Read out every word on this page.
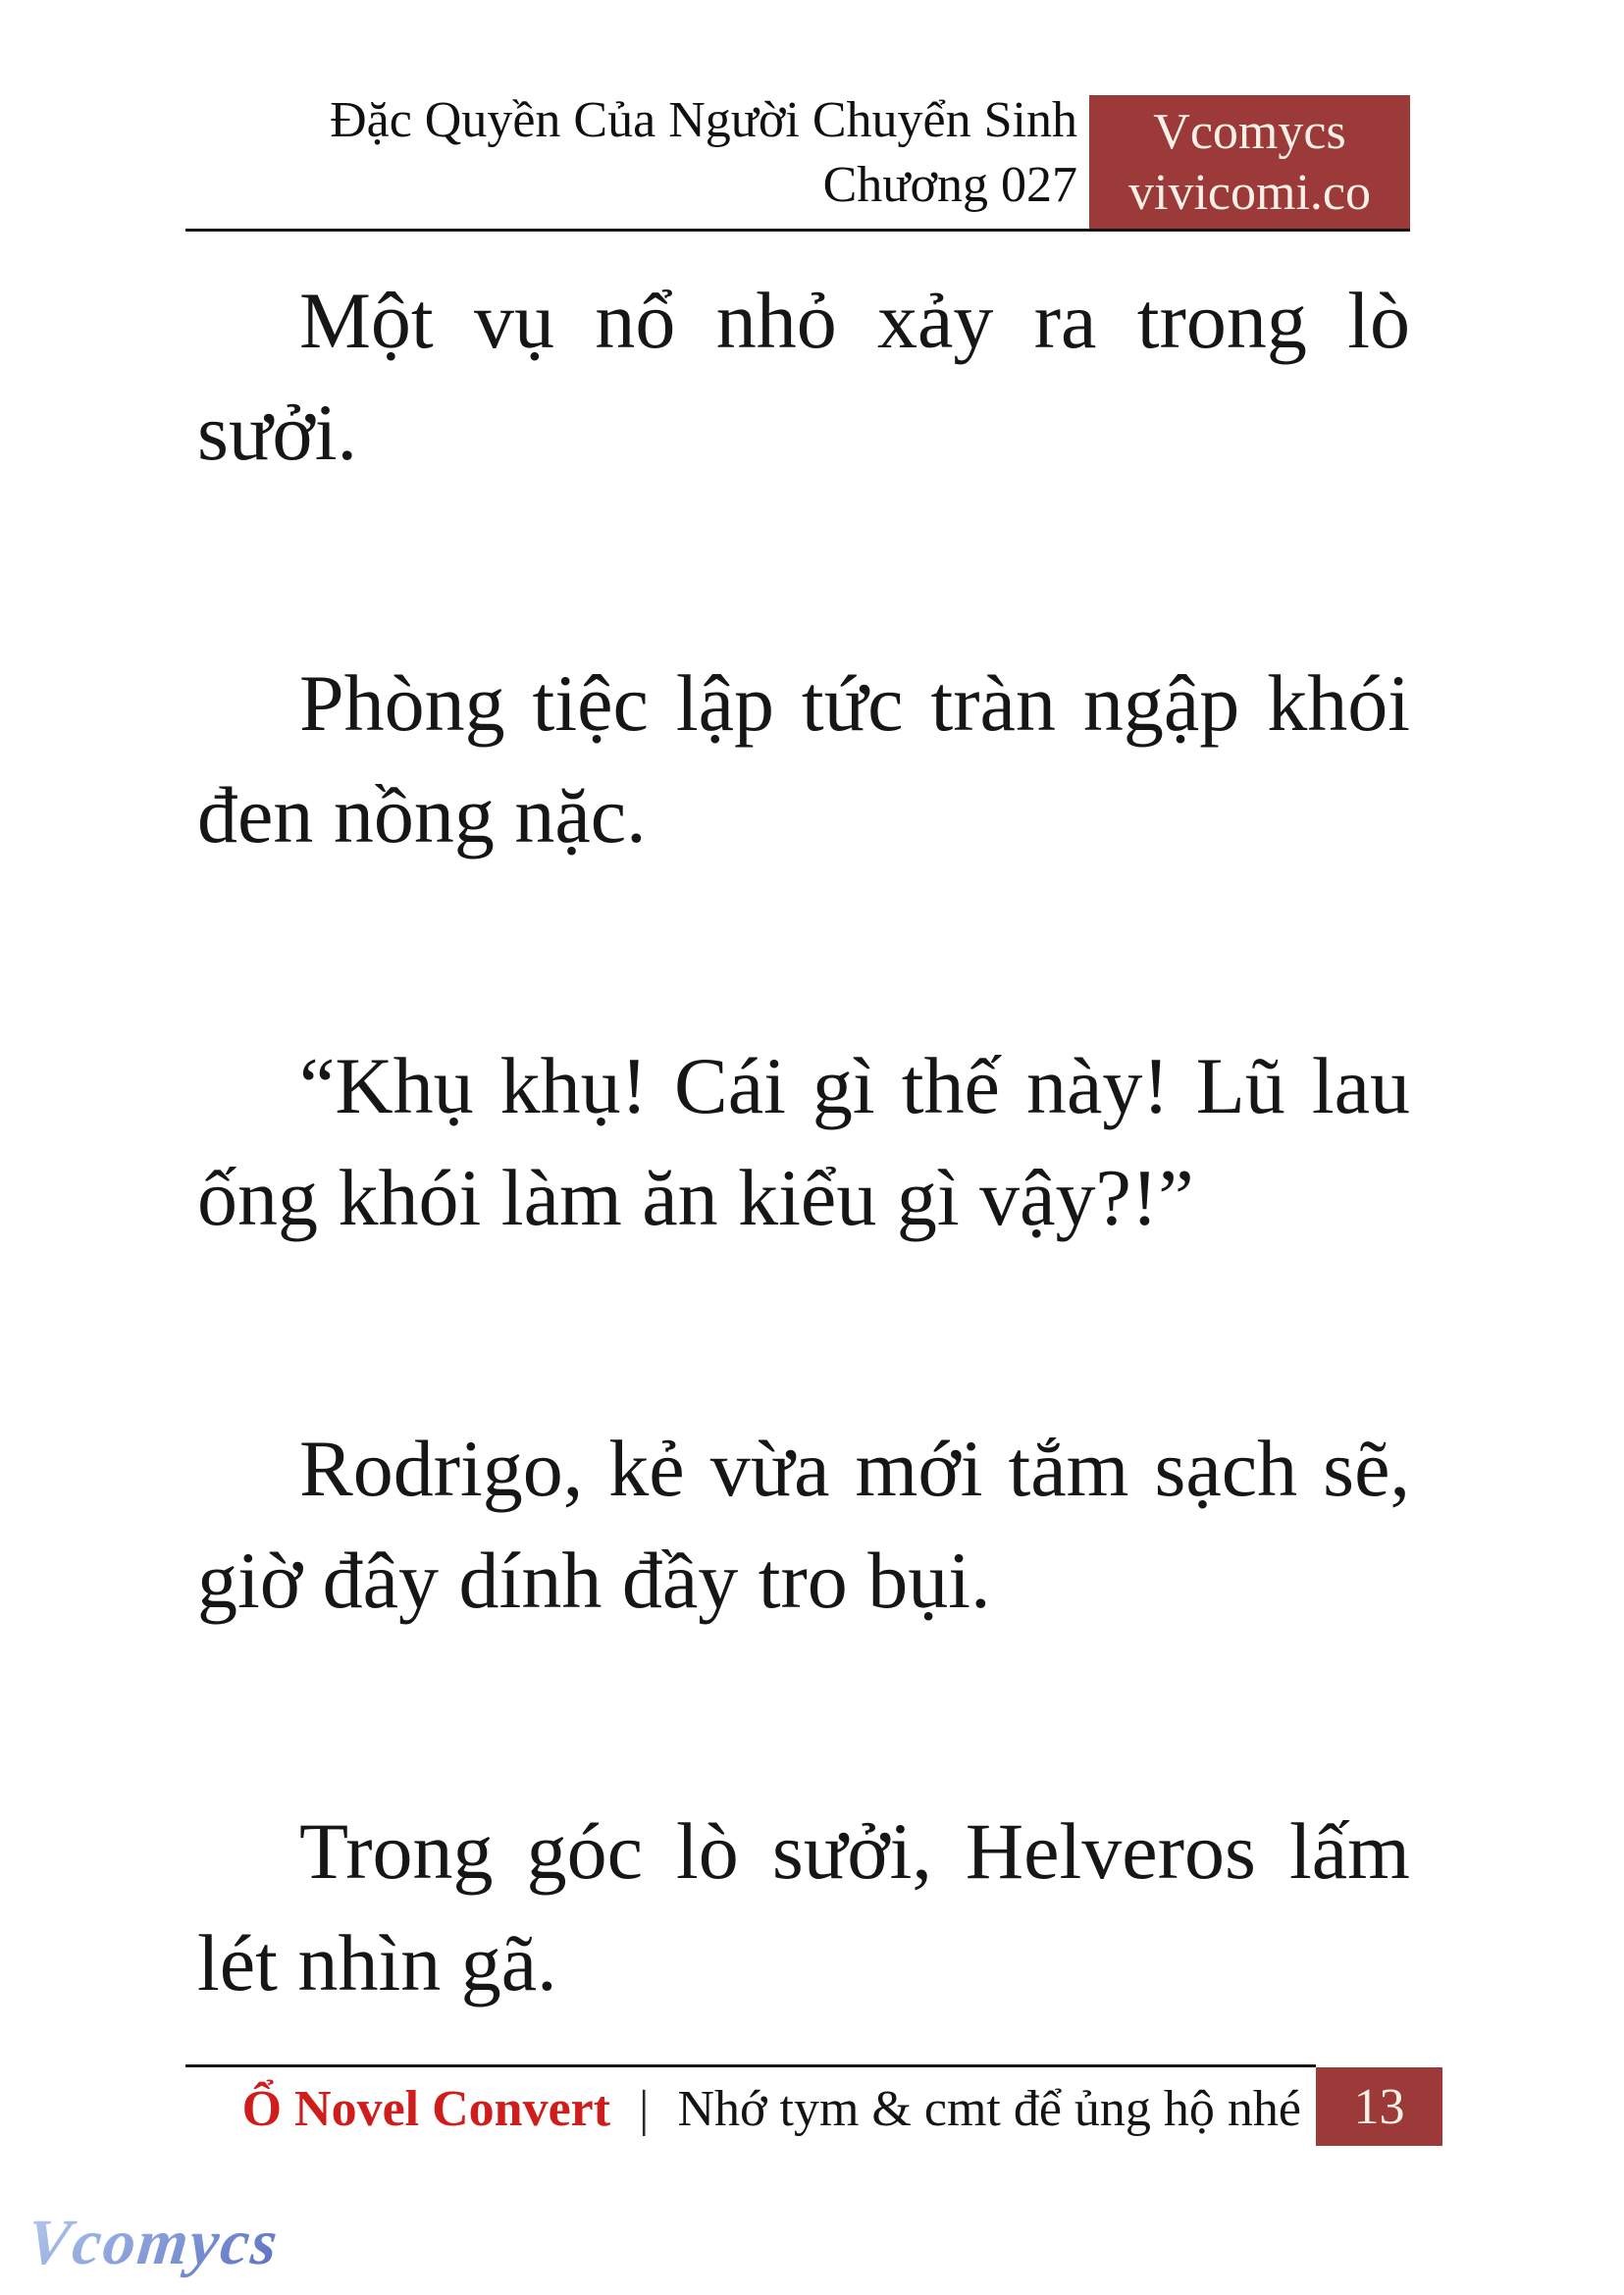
Đặc Quyền Của Người Chuyển Sinh
Chương 027
Vcomycs
vivicomi.co
Một vụ nổ nhỏ xảy ra trong lò
sưởi.
Phòng tiệc lập tức tràn ngập khói
đen nồng nặc.
“Khụ khụ! Cái gì thế này! Lũ lau
ống khói làm ăn kiểu gì vậy?!”
Rodrigo, kẻ vừa mới tắm sạch sẽ,
giờ đây dính đầy tro bụi.
Trong góc lò sưởi, Helveros lấm
lét nhìn gã.
Ổ Novel Convert | Nhớ tym & cmt để ủng hộ nhé 13
Vcomycs
